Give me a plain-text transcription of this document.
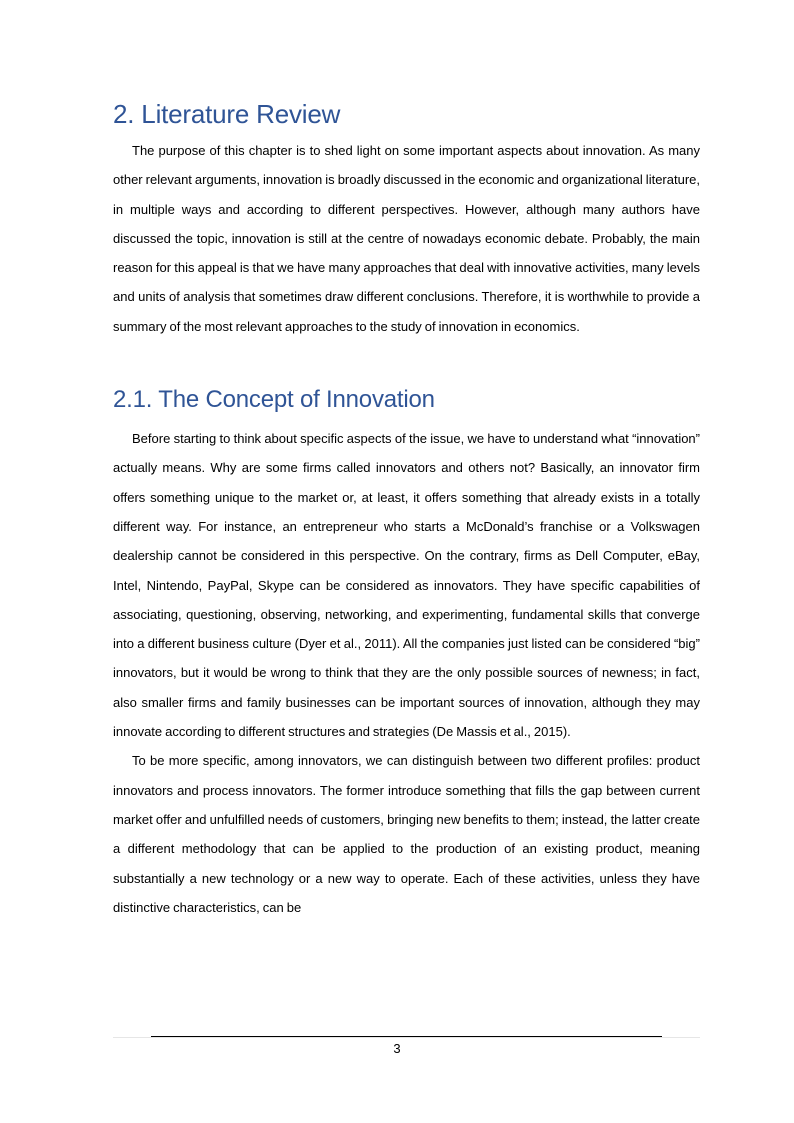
2. Literature Review

The purpose of this chapter is to shed light on some important aspects about innovation. As many other relevant arguments, innovation is broadly discussed in the economic and organizational literature, in multiple ways and according to different perspectives. However, although many authors have discussed the topic, innovation is still at the centre of nowadays economic debate. Probably, the main reason for this appeal is that we have many approaches that deal with innovative activities, many levels and units of analysis that sometimes draw different conclusions. Therefore, it is worthwhile to provide a summary of the most relevant approaches to the study of innovation in economics.

2.1. The Concept of Innovation

Before starting to think about specific aspects of the issue, we have to understand what “innovation” actually means. Why are some firms called innovators and others not? Basically, an innovator firm offers something unique to the market or, at least, it offers something that already exists in a totally different way. For instance, an entrepreneur who starts a McDonald’s franchise or a Volkswagen dealership cannot be considered in this perspective. On the contrary, firms as Dell Computer, eBay, Intel, Nintendo, PayPal, Skype can be considered as innovators. They have specific capabilities of associating, questioning, observing, networking, and experimenting, fundamental skills that converge into a different business culture (Dyer et al., 2011). All the companies just listed can be considered “big” innovators, but it would be wrong to think that they are the only possible sources of newness; in fact, also smaller firms and family businesses can be important sources of innovation, although they may innovate according to different structures and strategies (De Massis et al., 2015).

To be more specific, among innovators, we can distinguish between two different profiles: product innovators and process innovators. The former introduce something that fills the gap between current market offer and unfulfilled needs of customers, bringing new benefits to them; instead, the latter create a different methodology that can be applied to the production of an existing product, meaning substantially a new technology or a new way to operate. Each of these activities, unless they have distinctive characteristics, can be

3
